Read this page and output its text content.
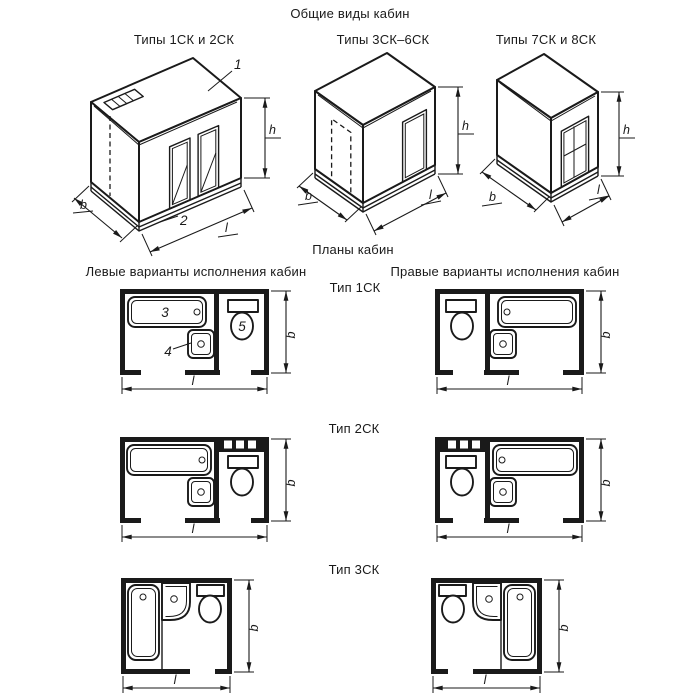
Общие виды кабин
Типы 1СК и 2СК	Типы 3СК–6СК	Типы 7СК и 8СК
Планы кабин
Левые варианты исполнения кабин	Правые варианты исполнения кабин
Тип 1СК
Тип 2СК
Тип 3СК
h
b
l
1
2
h
b	l
h
b	l
3
4
5
b
l
b
l
b
l
b
l
b
l
b
l
